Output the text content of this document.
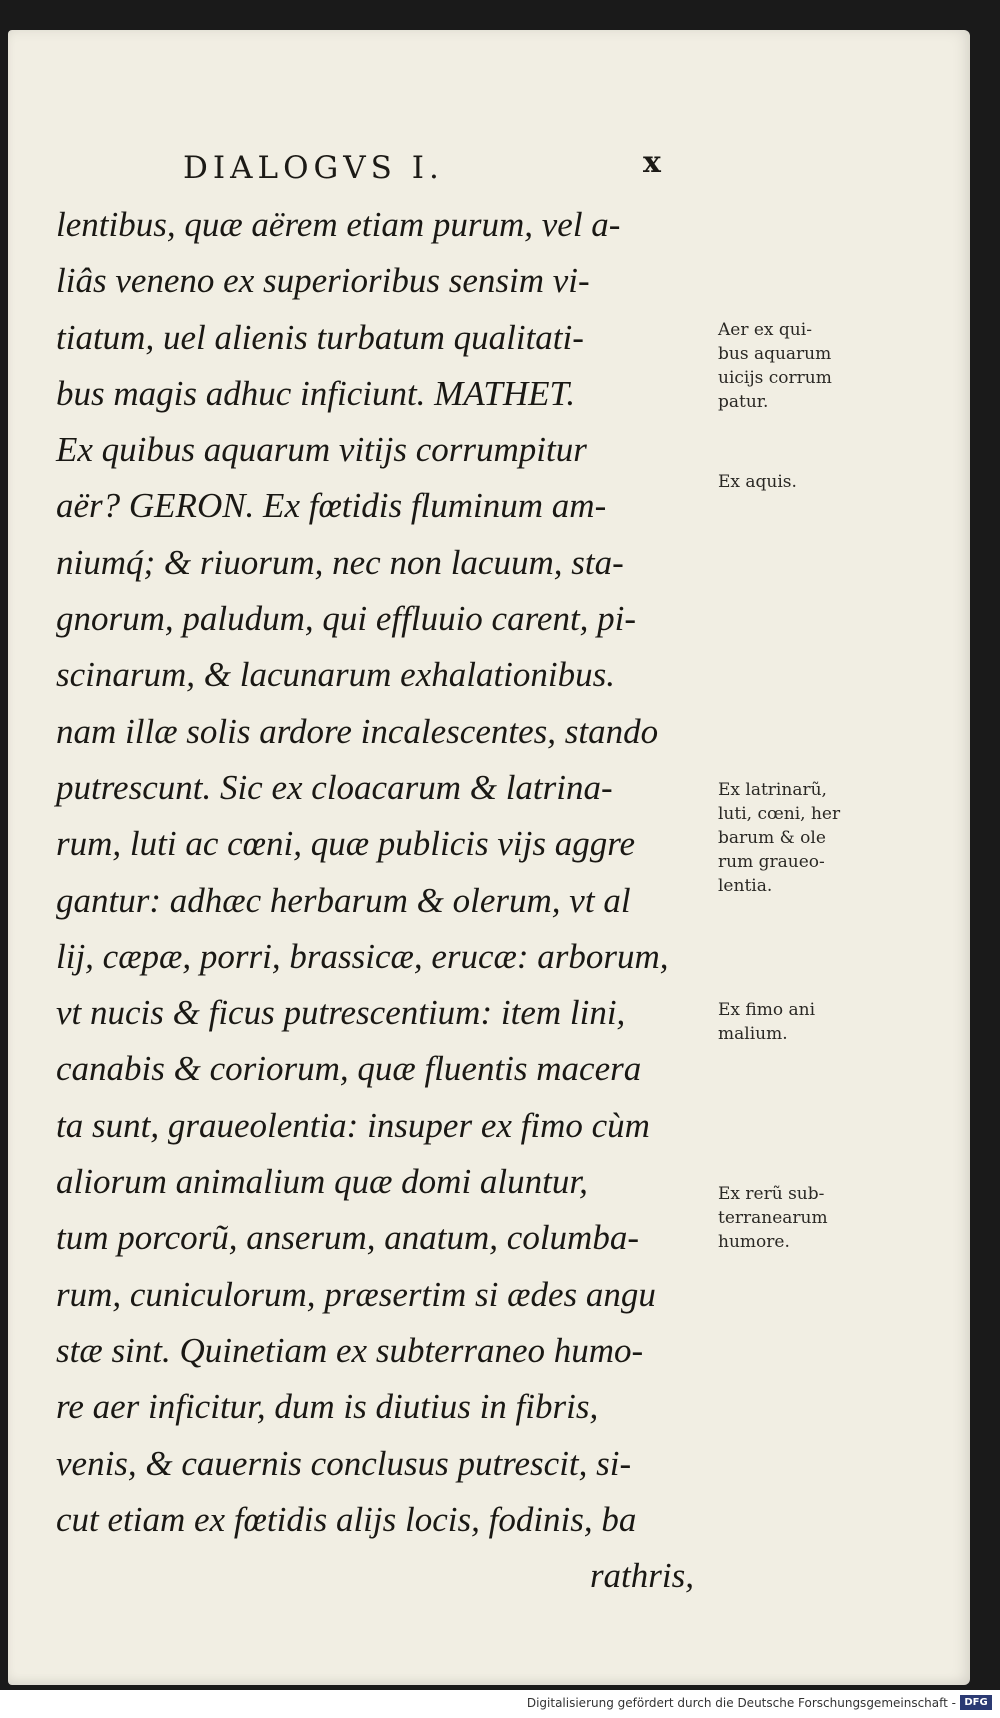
DIALOGVS I.	x
lentibus, quæ aërem etiam purum, vel a-
liâs veneno ex superioribus sensim vi-
tiatum, uel alienis turbatum qualitati-
bus magis adhuc inficiunt. MATHET.
Ex quibus aquarum vitijs corrumpitur
aër? GERON. Ex fœtidis fluminum am-
niumq́; & riuorum, nec non lacuum, sta-
gnorum, paludum, qui effluuio carent, pi-
scinarum, & lacunarum exhalationibus.
nam illæ solis ardore incalescentes, stando
putrescunt. Sic ex cloacarum & latrina-
rum, luti ac cœni, quæ publicis vijs aggre
gantur: adhæc herbarum & olerum, vt al
lij, cæpæ, porri, brassicæ, erucæ: arborum,
vt nucis & ficus putrescentium: item lini,
canabis & coriorum, quæ fluentis macera
ta sunt, graueolentia: insuper ex fimo cùm
aliorum animalium quæ domi aluntur,
tum porcorũ, anserum, anatum, columba-
rum, cuniculorum, præsertim si ædes angu
stæ sint. Quinetiam ex subterraneo humo-
re aer inficitur, dum is diutius in fibris,
venis, & cauernis conclusus putrescit, si-
cut etiam ex fœtidis alijs locis, fodinis, ba
rathris,
Aer ex qui-
bus aquarum
uicijs corrum
patur.
Ex aquis.
Ex latrinarũ,
luti, cœni, her
barum & ole
rum graueo-
lentia.
Ex fimo ani
malium.
Ex rerũ sub-
terranearum
humore.
Digitalisierung gefördert durch die Deutsche Forschungsgemeinschaft - DFG
